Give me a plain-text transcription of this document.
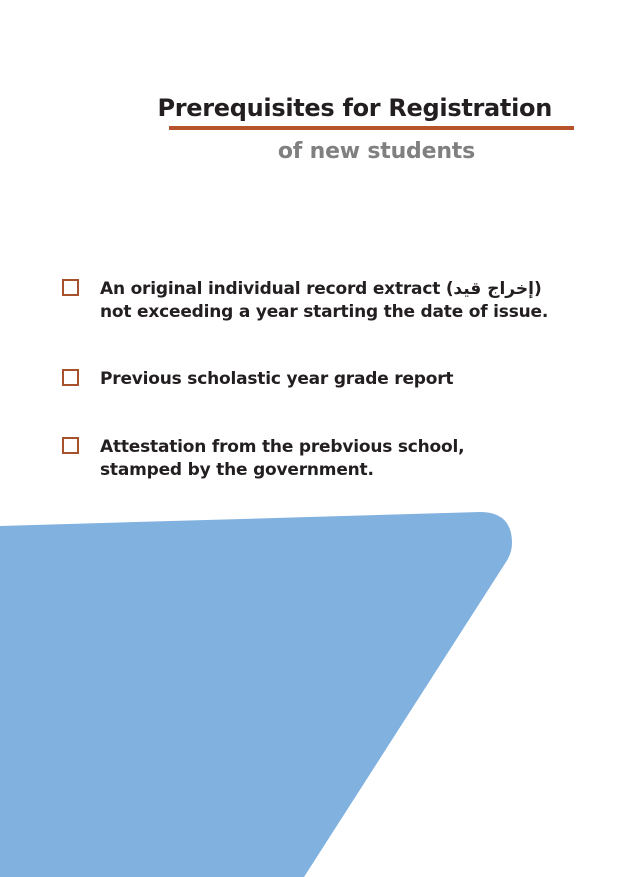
Prerequisites for Registration
of new students
An original individual record extract (إخراج قيد)
not exceeding a year starting the date of issue.
Previous scholastic year grade report
Attestation from the prebvious school,
stamped by the government.
